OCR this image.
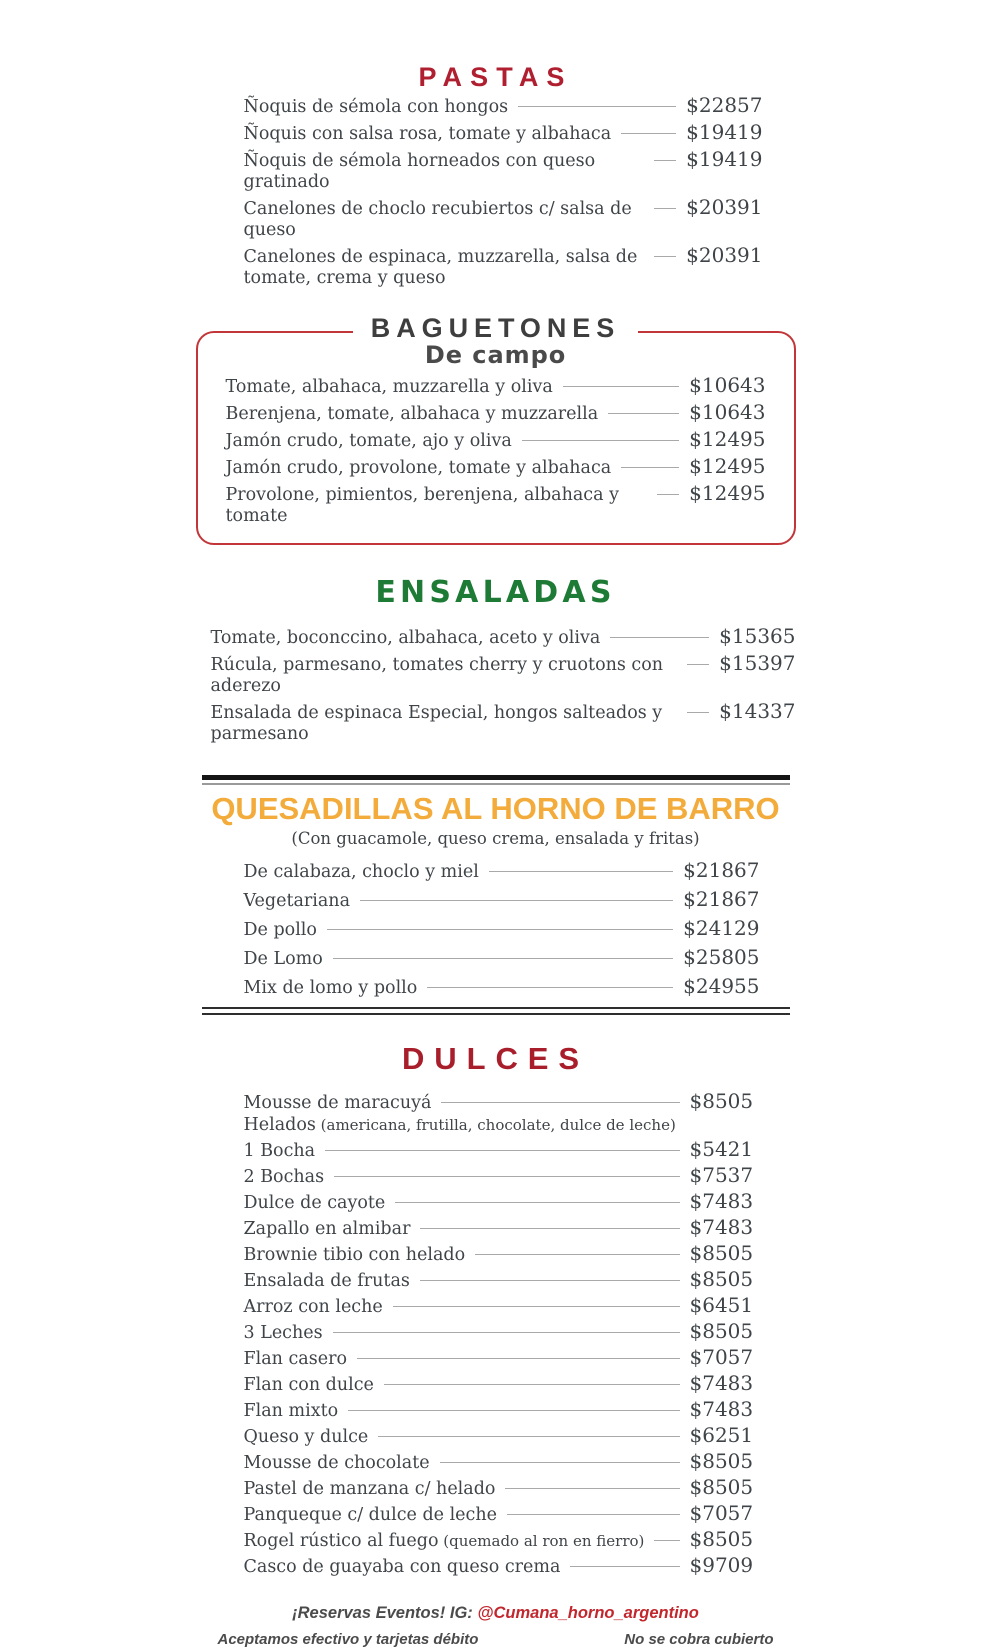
PASTAS
Ñoquis de sémola con hongos	$22857
Ñoquis con salsa rosa, tomate y albahaca	$19419
Ñoquis de sémola horneados con queso gratinado
$19419
Canelones de choclo recubiertos c/ salsa de queso
$20391
Canelones de espinaca, muzzarella, salsa de tomate, crema y queso
$20391
BAGUETONES
De campo
Tomate, albahaca, muzzarella y oliva	$10643
Berenjena, tomate, albahaca y muzzarella	$10643
Jamón crudo, tomate, ajo y oliva	$12495
Jamón crudo, provolone, tomate y albahaca	$12495
Provolone, pimientos, berenjena, albahaca y tomate
$12495
ENSALADAS
Tomate, boconccino, albahaca, aceto y oliva	$15365
Rúcula, parmesano, tomates cherry y cruotons con aderezo
$15397
Ensalada de espinaca Especial, hongos salteados y parmesano
$14337
QUESADILLAS AL HORNO DE BARRO

(Con guacamole, queso crema, ensalada y fritas)

De calabaza, choclo y miel	$21867
Vegetariana	$21867
De pollo	$24129
De Lomo	$25805
Mix de lomo y pollo	$24955
DULCES
Mousse de maracuyá	$8505
Helados (americana, frutilla, chocolate, dulce de leche)
1 Bocha	$5421
2 Bochas	$7537
Dulce de cayote	$7483
Zapallo en almibar	$7483
Brownie tibio con helado	$8505
Ensalada de frutas	$8505
Arroz con leche	$6451
3 Leches	$8505
Flan casero	$7057
Flan con dulce	$7483
Flan mixto	$7483
Queso y dulce	$6251
Mousse de chocolate	$8505
Pastel de manzana c/ helado	$8505
Panqueque c/ dulce de leche	$7057
Rogel rústico al fuego (quemado al ron en fierro) $8505
Casco de guayaba con queso crema	$9709
¡Reservas Eventos! IG: @Cumana_horno_argentino
Aceptamos efectivo y tarjetas débito	No se cobra cubierto
